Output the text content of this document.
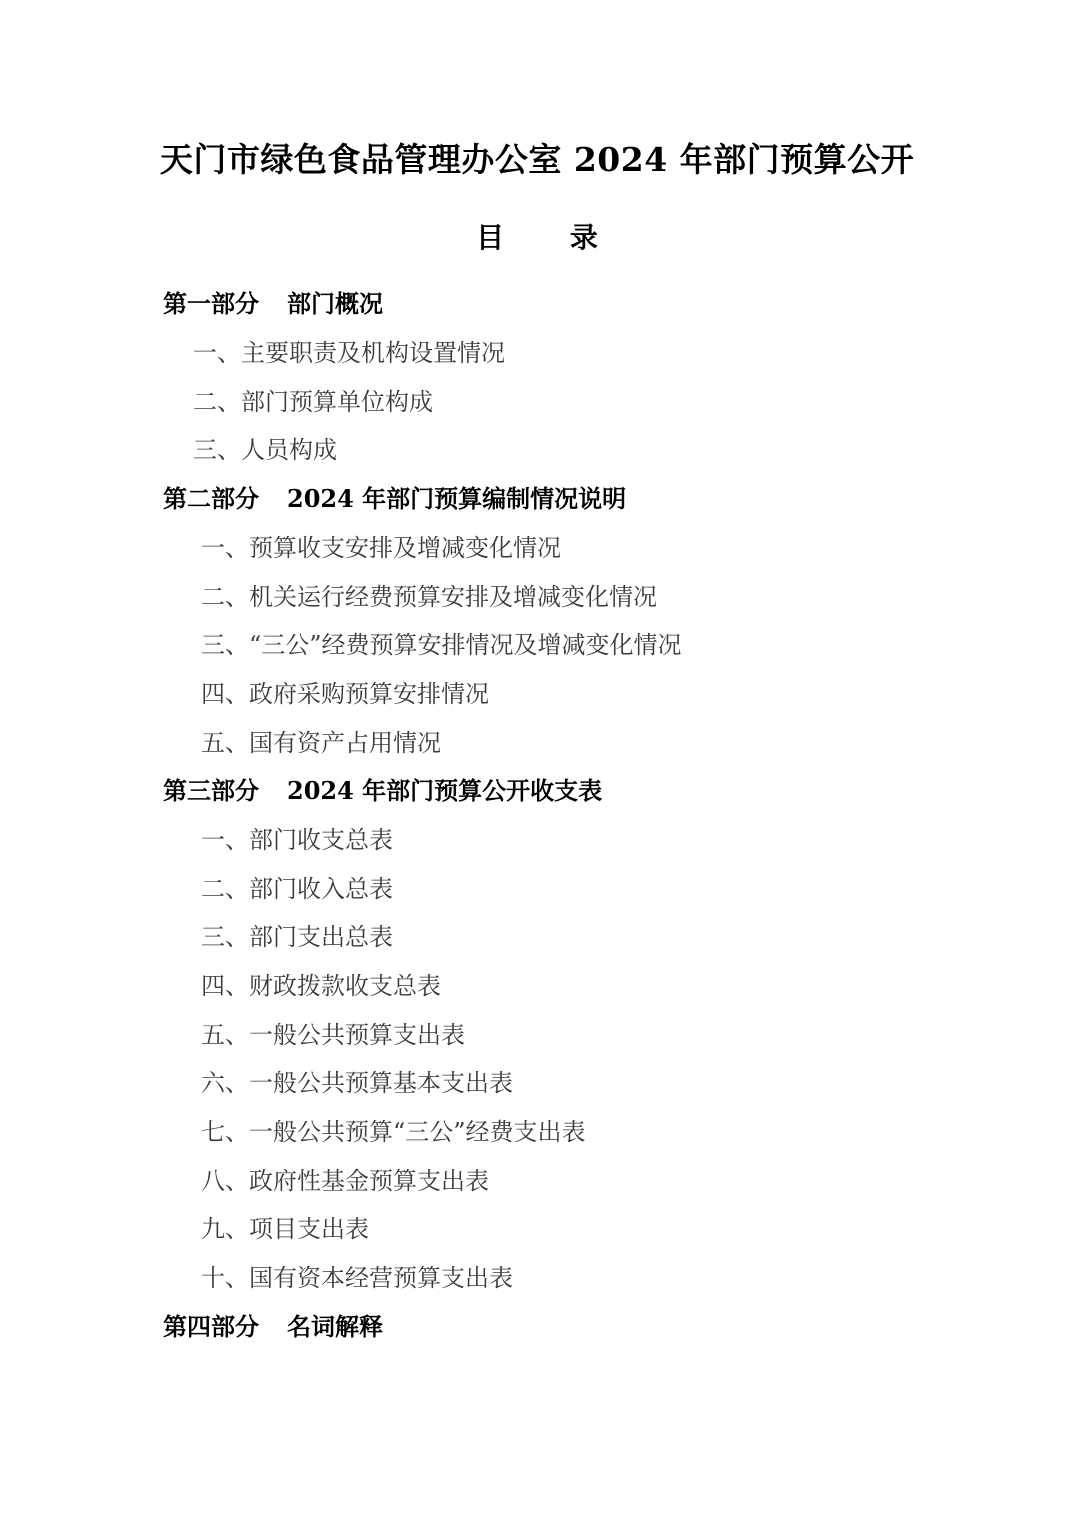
天门市绿色食品管理办公室 2024 年部门预算公开
目 录
第一部分 部门概况
一、主要职责及机构设置情况
二、部门预算单位构成
三、人员构成
第二部分 2024 年部门预算编制情况说明
一、预算收支安排及增减变化情况
二、机关运行经费预算安排及增减变化情况
三、“三公”经费预算安排情况及增减变化情况
四、政府采购预算安排情况
五、国有资产占用情况
第三部分 2024 年部门预算公开收支表
一、部门收支总表
二、部门收入总表
三、部门支出总表
四、财政拨款收支总表
五、一般公共预算支出表
六、一般公共预算基本支出表
七、一般公共预算“三公”经费支出表
八、政府性基金预算支出表
九、项目支出表
十、国有资本经营预算支出表
第四部分 名词解释
